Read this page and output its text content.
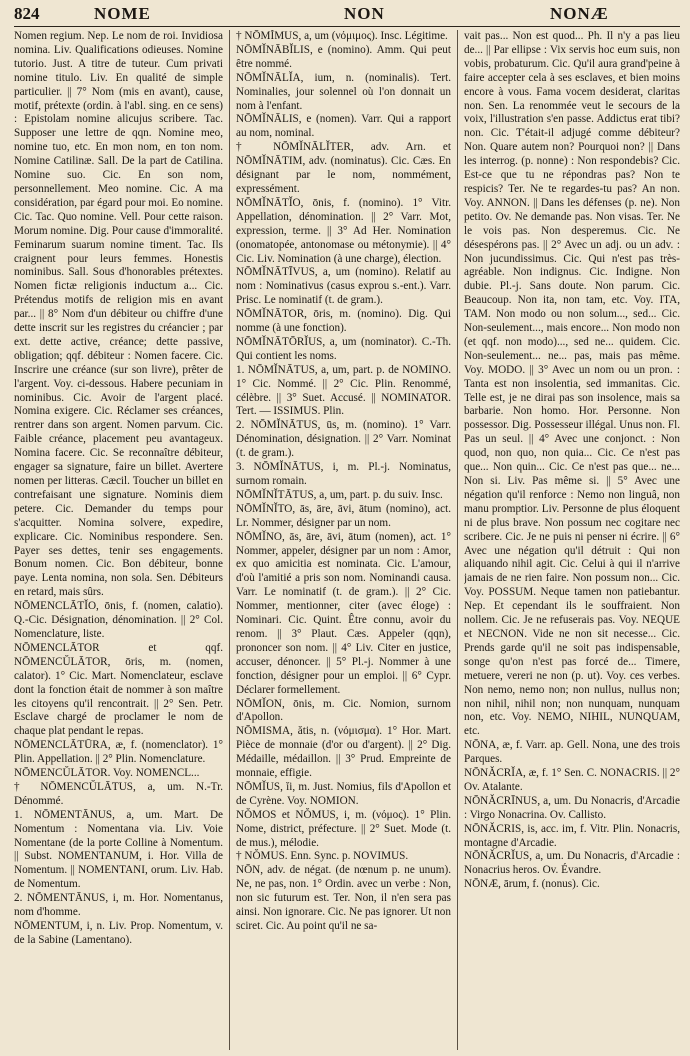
824	NOME	NON	NONÆ

Nomen regium. Nep. Le nom de roi. Invidiosa nomina. Liv. Qualifications odieuses. Nomine tutorio. Just. A titre de tuteur. Cum privati nomine titulo. Liv. En qualité de simple particulier. || 7° Nom (mis en avant), cause, motif, prétexte (ordin. à l'abl. sing. en ce sens) : Epistolam nomine alicujus scribere. Tac. Supposer une lettre de qqn. Nomine meo, nomine tuo, etc. En mon nom, en ton nom. Nomine Catilinæ. Sall. De la part de Catilina. Nomine suo. Cic. En son nom, personnellement. Meo nomine. Cic. A ma considération, par égard pour moi. Eo nomine. Cic. Tac. Quo nomine. Vell. Pour cette raison. Morum nomine. Dig. Pour cause d'immoralité. Feminarum suarum nomine timent. Tac. Ils craignent pour leurs femmes. Honestis nominibus. Sall. Sous d'honorables prétextes. Nomen fictæ religionis inductum a... Cic. Prétendus motifs de religion mis en avant par... || 8° Nom d'un débiteur ou chiffre d'une dette inscrit sur les registres du créancier ; par ext. dette active, créance; dette passive, obligation; qqf. débiteur : Nomen facere. Cic. Inscrire une créance (sur son livre), prêter de l'argent. Voy. ci-dessous. Habere pecuniam in nominibus. Cic. Avoir de l'argent placé. Nomina exigere. Cic. Réclamer ses créances, rentrer dans son argent. Nomen parvum. Cic. Faible créance, placement peu avantageux. Nomina facere. Cic. Se reconnaître débiteur, engager sa signature, faire un billet. Avertere nomen per litteras. Cæcil. Toucher un billet en contrefaisant une signature. Nominis diem petere. Cic. Demander du temps pour s'acquitter. Nomina solvere, expedire, explicare. Cic. Nominibus respondere. Sen. Payer ses dettes, tenir ses engagements. Bonum nomen. Cic. Bon débiteur, bonne paye. Lenta nomina, non sola. Sen. Débiteurs en retard, mais sûrs.

NŌMENCLĀTĬO, ōnis, f. (nomen, calatio). Q.-Cic. Désignation, dénomination. || 2° Col. Nomenclature, liste.

NŌMENCLĀTOR et qqf. NŌMENCŬLĀTOR, ōris, m. (nomen, calator). 1° Cic. Mart. Nomenclateur, esclave dont la fonction était de nommer à son maître les citoyens qu'il rencontrait. || 2° Sen. Petr. Esclave chargé de proclamer le nom de chaque plat pendant le repas.

NŌMENCLĀTŪRA, æ, f. (nomenclator). 1° Plin. Appellation. || 2° Plin. Nomenclature.

NŌMENCŬLĀTOR. Voy. NOMENCL...

† NŌMENCŬLĀTUS, a, um. N.-Tr. Dénommé.

1. NŌMENTĀNUS, a, um. Mart. De Nomentum : Nomentana via. Liv. Voie Nomentane (de la porte Colline à Nomentum. || Subst. NOMENTANUM, i. Hor. Villa de Nomentum. || NOMENTANI, orum. Liv. Hab. de Nomentum.

2. NŌMENTĀNUS, i, m. Hor. Nomentanus, nom d'homme.

NŌMENTUM, i, n. Liv. Prop. Nomentum, v. de la Sabine (Lamentano).

† NŌMĬMUS, a, um (νόμιμος). Insc. Légitime.

NŌMĬNĀBĬLIS, e (nomino). Amm. Qui peut être nommé.

NŌMĬNĀLĬA, ium, n. (nominalis). Tert. Nominalies, jour solennel où l'on donnait un nom à l'enfant.

NŌMĬNĀLIS, e (nomen). Varr. Qui a rapport au nom, nominal.

† NŌMĬNĀLĬTER, adv. Arn. et NŌMĬNĀTIM, adv. (nominatus). Cic. Cæs. En désignant par le nom, nommément, expressément.

NŌMĬNĀTĬO, ōnis, f. (nomino). 1° Vitr. Appellation, dénomination. || 2° Varr. Mot, expression, terme. || 3° Ad Her. Nomination (onomatopée, antonomase ou métonymie). || 4° Cic. Liv. Nomination (à une charge), élection.

NŌMĬNĀTĪVUS, a, um (nomino). Relatif au nom : Nominativus (casus exprou s.-ent.). Varr. Prisc. Le nominatif (t. de gram.).

NŌMĬNĀTOR, ōris, m. (nomino). Dig. Qui nomme (à une fonction).

NŌMĬNĀTŌRĬUS, a, um (nominator). C.-Th. Qui contient les noms.

1. NŌMĬNĀTUS, a, um, part. p. de NOMINO. 1° Cic. Nommé. || 2° Cic. Plin. Renommé, célèbre. || 3° Suet. Accusé. || NOMINATOR. Tert. — ISSIMUS. Plin.

2. NŌMĬNĀTUS, ūs, m. (nomino). 1° Varr. Dénomination, désignation. || 2° Varr. Nominat (t. de gram.).

3. NŌMĬNĀTUS, i, m. Pl.-j. Nominatus, surnom romain.

NŌMĬNĬTĀTUS, a, um, part. p. du suiv. Insc.

NŌMĬNĬTO, ās, āre, āvi, ātum (nomino), act. Lr. Nommer, désigner par un nom.

NŌMĬNO, ās, āre, āvi, ātum (nomen), act. 1° Nommer, appeler, désigner par un nom : Amor, ex quo amicitia est nominata. Cic. L'amour, d'où l'amitié a pris son nom. Nominandi causa. Varr. Le nominatif (t. de gram.). || 2° Cic. Nommer, mentionner, citer (avec éloge) : Nominari. Cic. Quint. Être connu, avoir du renom. || 3° Plaut. Cæs. Appeler (qqn), prononcer son nom. || 4° Liv. Citer en justice, accuser, dénoncer. || 5° Pl.-j. Nommer à une fonction, désigner pour un emploi. || 6° Cypr. Déclarer formellement.

NŌMĬON, ōnis, m. Cic. Nomion, surnom d'Apollon.

NŌMISMA, ătis, n. (νόμισμα). 1° Hor. Mart. Pièce de monnaie (d'or ou d'argent). || 2° Dig. Médaille, médaillon. || 3° Prud. Empreinte de monnaie, effigie.

NŌMĬUS, ĭi, m. Just. Nomius, fils d'Apollon et de Cyrène. Voy. NOMION.

NŎMOS et NŎMUS, i, m. (νόμος). 1° Plin. Nome, district, préfecture. || 2° Suet. Mode (t. de mus.), mélodie.

† NŎMUS. Enn. Sync. p. NOVIMUS.

NŌN, adv. de négat. (de nœnum p. ne unum). Ne, ne pas, non. 1° Ordin. avec un verbe : Non, non sic futurum est. Ter. Non, il n'en sera pas ainsi. Non ignorare. Cic. Ne pas ignorer. Ut non sciret. Cic. Au point qu'il ne sa-

vait pas... Non est quod... Ph. Il n'y a pas lieu de... || Par ellipse : Vix servis hoc eum suis, non vobis, probaturum. Cic. Qu'il aura grand'peine à faire accepter cela à ses esclaves, et bien moins encore à vous. Fama vocem desiderat, claritas non. Sen. La renommée veut le secours de la voix, l'illustration s'en passe. Addictus erat tibi? non. Cic. T'était-il adjugé comme débiteur? Non. Quare autem non? Pourquoi non? || Dans les interrog. (p. nonne) : Non respondebis? Cic. Est-ce que tu ne répondras pas? Non te respicis? Ter. Ne te regardes-tu pas? An non. Voy. ANNON. || Dans les défenses (p. ne). Non petito. Ov. Ne demande pas. Non visas. Ter. Ne le vois pas. Non desperemus. Cic. Ne désespérons pas. || 2° Avec un adj. ou un adv. : Non jucundissimus. Cic. Qui n'est pas très-agréable. Non indignus. Cic. Indigne. Non dubie. Pl.-j. Sans doute. Non parum. Cic. Beaucoup. Non ita, non tam, etc. Voy. ITA, TAM. Non modo ou non solum..., sed... Cic. Non-seulement..., mais encore... Non modo non (et qqf. non modo)..., sed ne... quidem. Cic. Non-seulement... ne... pas, mais pas même. Voy. MODO. || 3° Avec un nom ou un pron. : Tanta est non insolentia, sed immanitas. Cic. Telle est, je ne dirai pas son insolence, mais sa barbarie. Non homo. Hor. Personne. Non possessor. Dig. Possesseur illégal. Unus non. Fl. Pas un seul. || 4° Avec une conjonct. : Non quod, non quo, non quia... Cic. Ce n'est pas que... Non quin... Cic. Ce n'est pas que... ne... Non si. Liv. Pas même si. || 5° Avec une négation qu'il renforce : Nemo non linguâ, non manu promptior. Liv. Personne de plus éloquent ni de plus brave. Non possum nec cogitare nec scribere. Cic. Je ne puis ni penser ni écrire. || 6° Avec une négation qu'il détruit : Qui non aliquando nihil agit. Cic. Celui à qui il n'arrive jamais de ne rien faire. Non possum non... Cic. Voy. POSSUM. Neque tamen non patiebantur. Nep. Et cependant ils le souffraient. Non nollem. Cic. Je ne refuserais pas. Voy. NEQUE et NECNON. Vide ne non sit necesse... Cic. Prends garde qu'il ne soit pas indispensable, songe qu'on n'est pas forcé de... Timere, metuere, vereri ne non (p. ut). Voy. ces verbes. Non nemo, nemo non; non nullus, nullus non; non nihil, nihil non; non nunquam, nunquam non, etc. Voy. NEMO, NIHIL, NUNQUAM, etc.

NŌNA, æ, f. Varr. ap. Gell. Nona, une des trois Parques.

NŌNĂCRĬA, æ, f. 1° Sen. C. NONACRIS. || 2° Ov. Atalante.

NŌNĂCRĪNUS, a, um. Du Nonacris, d'Arcadie : Virgo Nonacrina. Ov. Callisto.

NŌNĂCRIS, is, acc. im, f. Vitr. Plin. Nonacris, montagne d'Arcadie.

NŌNĂCRĬUS, a, um. Du Nonacris, d'Arcadie : Nonacrius heros. Ov. Évandre.

NŌNÆ, ārum, f. (nonus). Cic.
